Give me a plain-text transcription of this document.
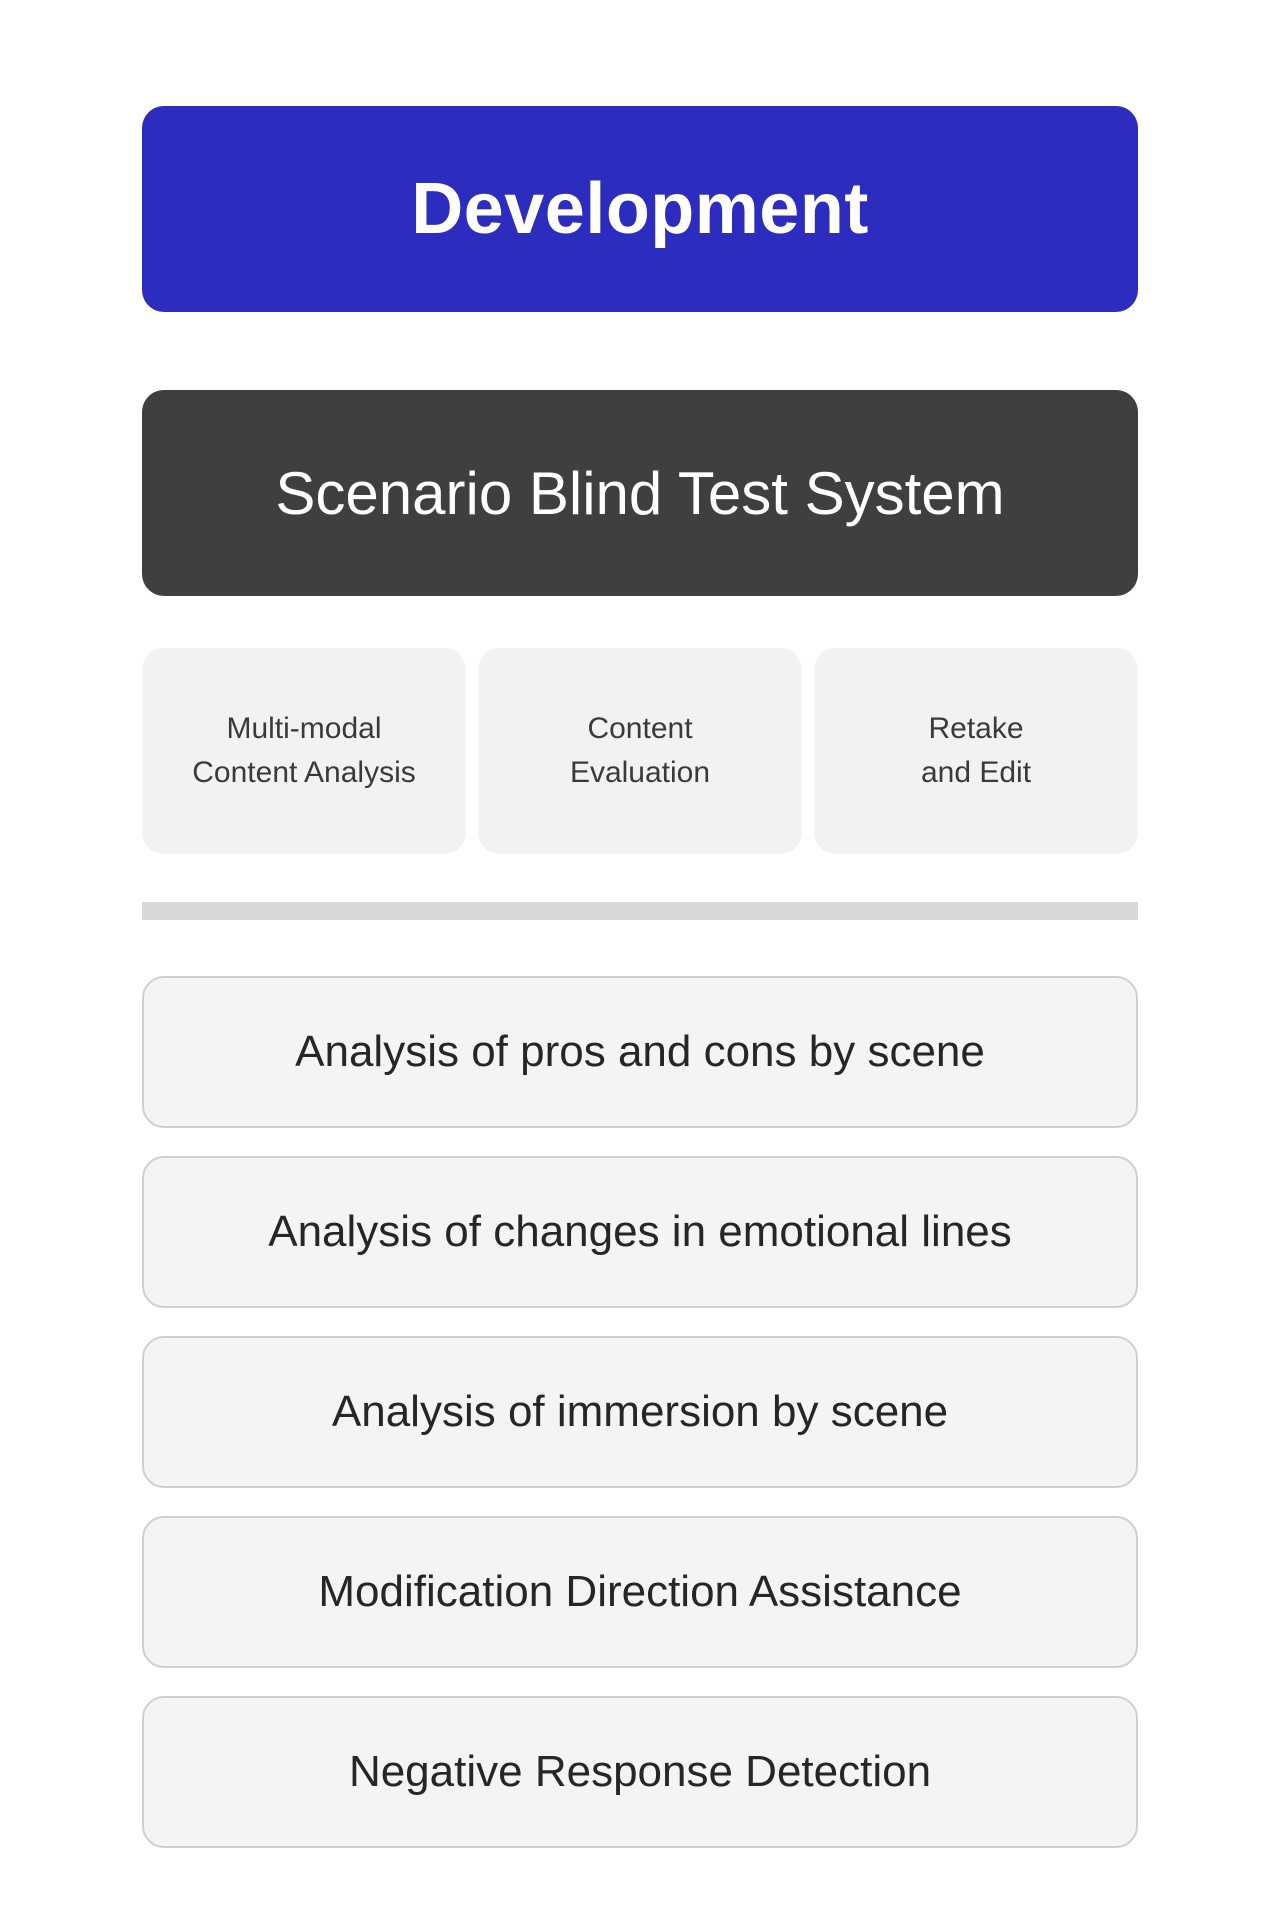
Development
Scenario Blind Test System
Multi-modal
Content Analysis
Content
Evaluation
Retake
and Edit
Analysis of pros and cons by scene
Analysis of changes in emotional lines
Analysis of immersion by scene
Modification Direction Assistance
Negative Response Detection
